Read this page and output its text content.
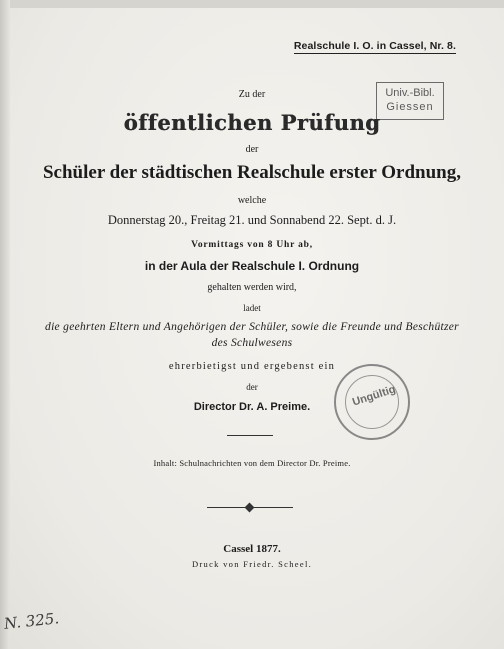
Realschule I. O. in Cassel, Nr. 8.
Univ.-Bibl.
Giessen
Zu der
öffentlichen Prüfung
der
Schüler der städtischen Realschule erster Ordnung,
welche
Donnerstag 20., Freitag 21. und Sonnabend 22. Sept. d. J.
Vormittags von 8 Uhr ab,
in der Aula der Realschule I. Ordnung
gehalten werden wird,
ladet
die geehrten Eltern und Angehörigen der Schüler, sowie die Freunde und Beschützer
des Schulwesens
ehrerbietigst und ergebenst ein
der
Director Dr. A. Preime.	Ungültig
Inhalt: Schulnachrichten von dem Director Dr. Preime.
Cassel 1877.
Druck von Friedr. Scheel.
N. 325.
